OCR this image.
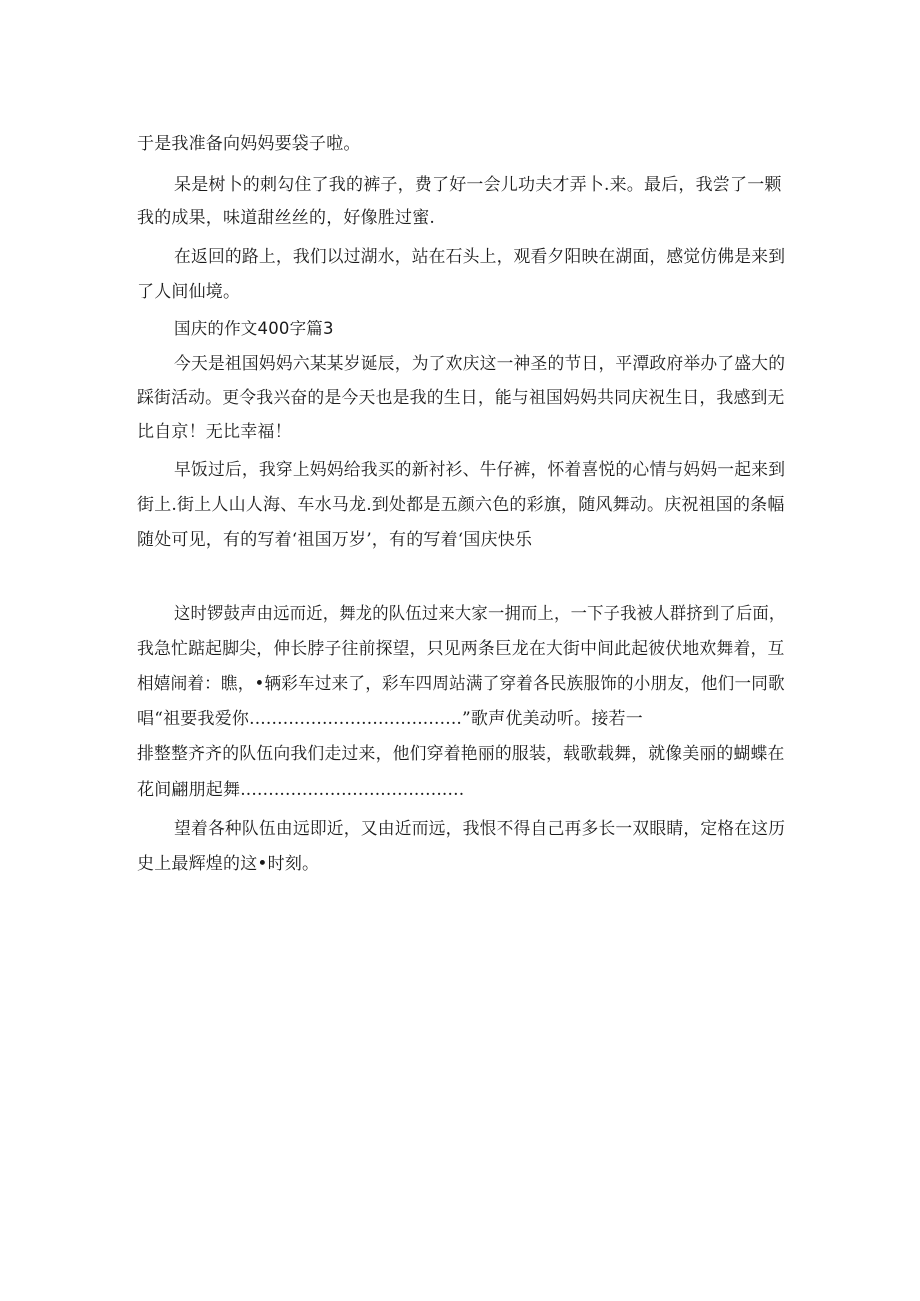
于是我准备向妈妈要袋子啦。
呆是树卜的刺勾住了我的裤子，费了好一会儿功夫才弄卜.来。最后，我尝了一颗
我的成果，味道甜丝丝的，好像胜过蜜.
在返回的路上，我们以过湖水，站在石头上，观看夕阳映在湖面，感觉仿佛是来到
了人间仙境。
国庆的作文400字篇3
今天是祖国妈妈六某某岁诞辰，为了欢庆这一神圣的节日，平潭政府举办了盛大的
踩街活动。更令我兴奋的是今天也是我的生日，能与祖国妈妈共同庆祝生日，我感到无
比自京！无比幸福！
早饭过后，我穿上妈妈给我买的新衬衫、牛仔裤，怀着喜悦的心情与妈妈一起来到
街上.街上人山人海、车水马龙.到处都是五颜六色的彩旗，随风舞动。庆祝祖国的条幅
随处可见，有的写着‘祖国万岁’，有的写着‘国庆快乐
这时锣鼓声由远而近，舞龙的队伍过来大家一拥而上，一下子我被人群挤到了后面，
我急忙踮起脚尖，伸长脖子往前探望，只见两条巨龙在大街中间此起彼伏地欢舞着，互
相嬉闹着：瞧，•辆彩车过来了，彩车四周站满了穿着各民族服饰的小朋友，他们一同歌
唱“祖要我爱你......................................”歌声优美动听。接若一
排整整齐齐的队伍向我们走过来，他们穿着艳丽的服装，载歌载舞，就像美丽的蝴蝶在
花间翩朋起舞........................................
望着各种队伍由远即近，又由近而远，我恨不得自己再多长一双眼睛，定格在这历
史上最辉煌的这•时刻。
